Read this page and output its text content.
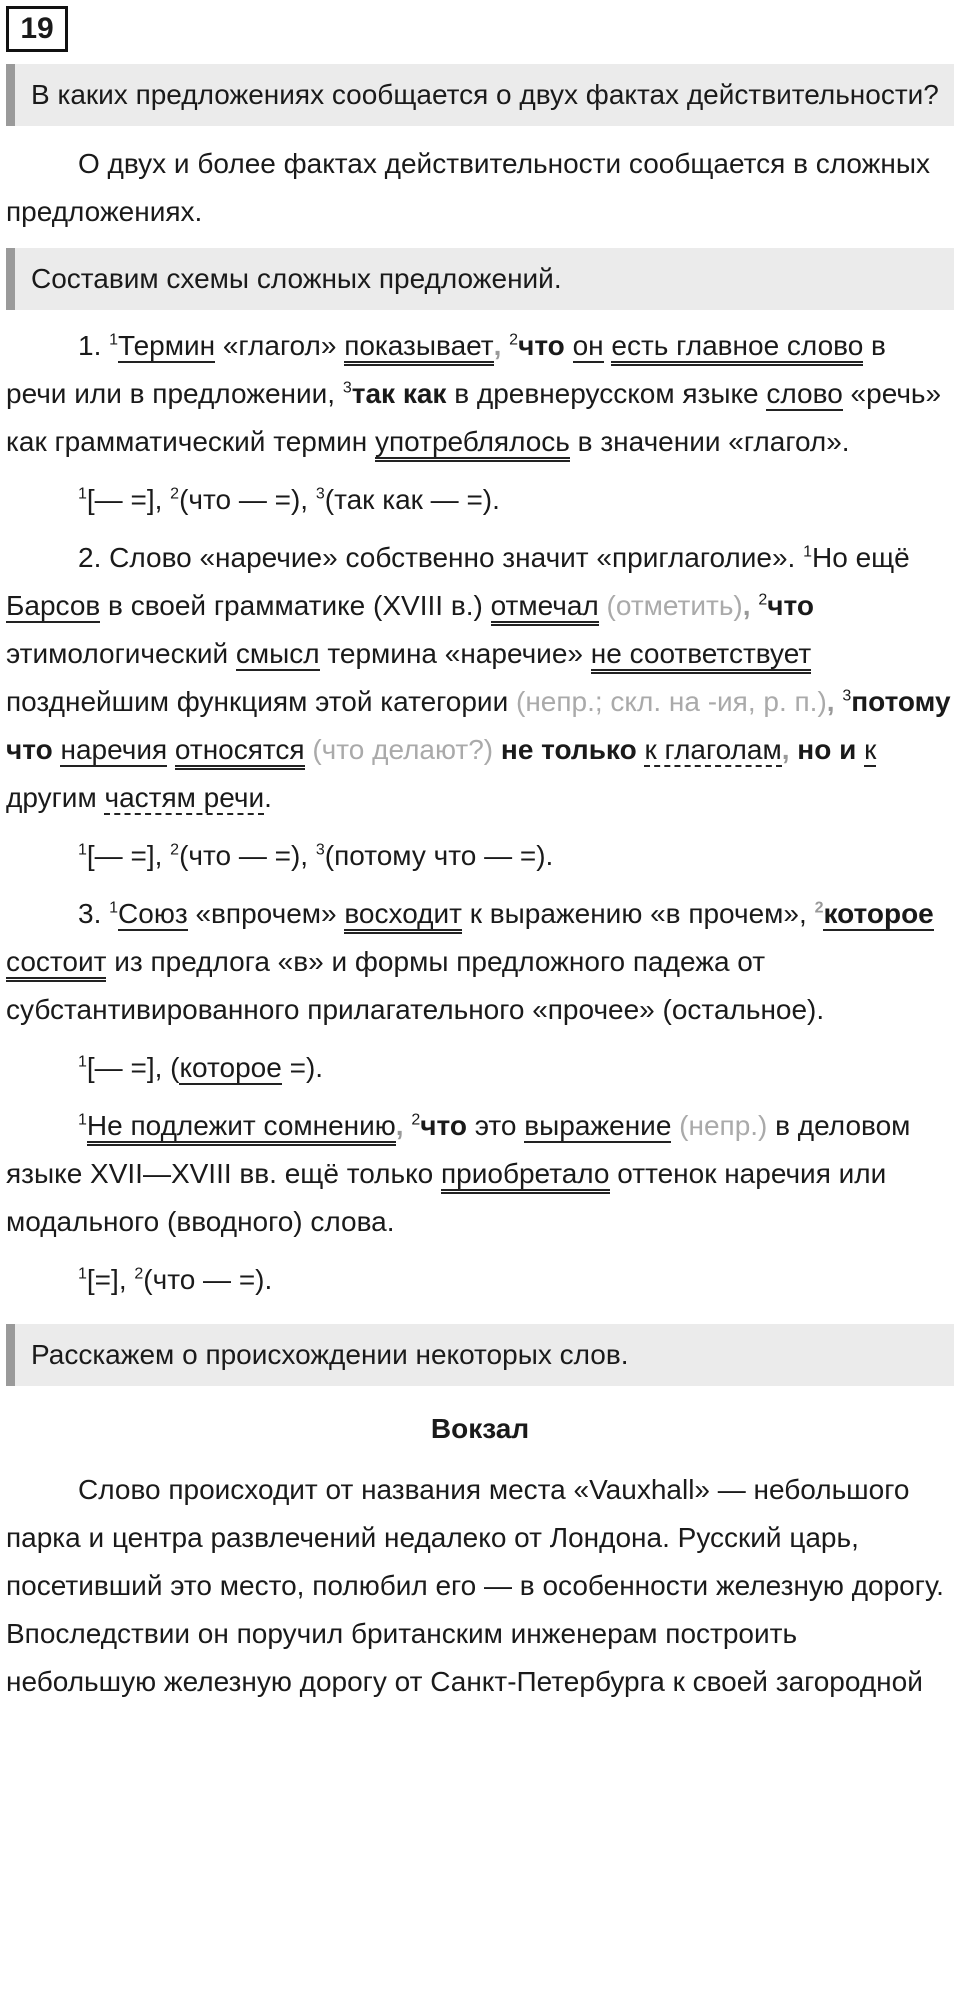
19
В каких предложениях сообщается о двух фактах действительности?

О двух и более фактах действительности сообщается в сложных предложениях.

Составим схемы сложных предложений.

1. $^1$Термин «глагол» показывает, $^2$что он есть главное слово в речи или в предложении, $^3$так как в древнерусском языке слово «речь» как грамматический термин употреблялось в значении «глагол».

$^1$[— =], $^2$(что — =), $^3$(так как — =).

2. Слово «наречие» собственно значит «приглаголие». $^1$Но ещё Барсов в своей грамматике (XVIII в.) отмечал (отметить), $^2$что этимологический смысл термина «наречие» не соответствует позднейшим функциям этой категории (непр.; скл. на -ия, р. п.), $^3$потому что наречия относятся (что делают?) не только к глаголам, но и к другим частям речи.

$^1$[— =], $^2$(что — =), $^3$(потому что — =).

3. $^1$Союз «впрочем» восходит к выражению «в прочем», $^2$которое состоит из предлога «в» и формы предложного падежа от субстантивированного прилагательного «прочее» (остальное).

$^1$[— =], (которое =).

$^1$Не подлежит сомнению, $^2$что это выражение (непр.) в деловом языке XVII—XVIII вв. ещё только приобретало оттенок наречия или модального (вводного) слова.

$^1$[=], $^2$(что — =).

Расскажем о происхождении некоторых слов.
Вокзал

Слово происходит от названия места «Vauxhall» — небольшого парка и центра развлечений недалеко от Лондона. Русский царь, посетивший это место, полюбил его — в особенности железную дорогу. Впоследствии он поручил британским инженерам построить небольшую железную дорогу от Санкт-Петербурга к своей загородной
